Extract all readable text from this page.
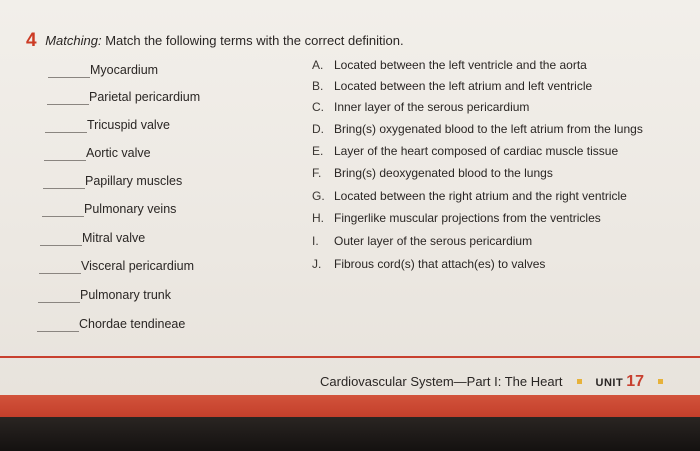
4 Matching: Match the following terms with the correct definition.
Myocardium
Parietal pericardium
Tricuspid valve
Aortic valve
Papillary muscles
Pulmonary veins
Mitral valve
Visceral pericardium
Pulmonary trunk
Chordae tendineae
A. Located between the left ventricle and the aorta
B. Located between the left atrium and left ventricle
C. Inner layer of the serous pericardium
D. Bring(s) oxygenated blood to the left atrium from the lungs
E. Layer of the heart composed of cardiac muscle tissue
F. Bring(s) deoxygenated blood to the lungs
G. Located between the right atrium and the right ventricle
H. Fingerlike muscular projections from the ventricles
I. Outer layer of the serous pericardium
J. Fibrous cord(s) that attach(es) to valves
Cardiovascular System—Part I: The Heart	UNIT 17
